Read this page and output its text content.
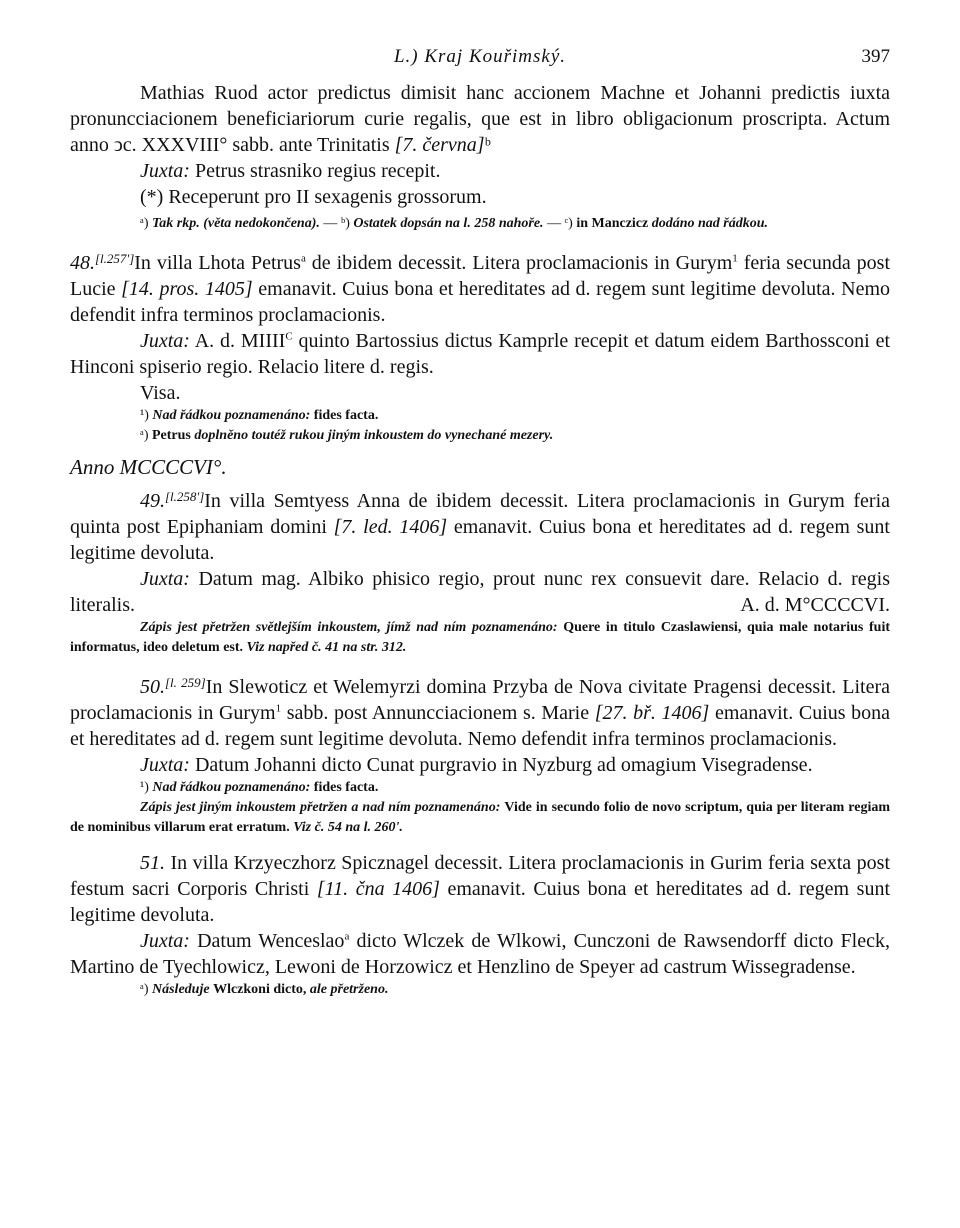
L.) Kraj Kouřimský.	397

Mathias Ruod actor predictus dimisit hanc accionem Machne et Johanni predictis iuxta pronuncciacionem beneficiariorum curie regalis, que est in libro obligacionum proscripta. Actum anno ͻc. XXXVIII° sabb. ante Trinitatis [7. června]ᵇ

Juxta: Petrus strasniko regius recepit.

(*) Receperunt pro II sexagenis grossorum.

ᵃ) Tak rkp. (věta nedokončena). — ᵇ) Ostatek dopsán na l. 258 nahoře. — ᶜ) in Manczicz dodáno nad řádkou.

48.[l.257']In villa Lhota Petrus$^a$ de ibidem decessit. Litera proclamacionis in Gurym$^1$ feria secunda post Lucie [14. pros. 1405] emanavit. Cuius bona et hereditates ad d. regem sunt legitime devoluta. Nemo defendit infra terminos proclamacionis.

Juxta: A. d. $MIIII^C$ quinto Bartossius dictus Kamprle recepit et datum eidem Barthossconi et Hinconi spiserio regio. Relacio litere d. regis.

Visa.

¹) Nad řádkou poznamenáno: fides facta.

ᵃ) Petrus doplněno toutéž rukou jiným inkoustem do vynechané mezery.

Anno MCCCCVI°.

49.[l.258']In villa Semtyess Anna de ibidem decessit. Litera proclamacionis in Gurym feria quinta post Epiphaniam domini [7. led. 1406] emanavit. Cuius bona et hereditates ad d. regem sunt legitime devoluta.

Juxta: Datum mag. Albiko phisico regio, prout nunc rex consuevit dare. Relacio d. regis literalis.	A. d. M°CCCCVI.

Zápis jest přetržen světlejším inkoustem, jímž nad ním poznamenáno: Quere in titulo Czaslawiensi, quia male notarius fuit informatus, ideo deletum est. Viz napřed č. 41 na str. 312.

50.[l. 259]In Slewoticz et Welemyrzi domina Przyba de Nova civitate Pragensi decessit. Litera proclamacionis in Gurym$^1$ sabb. post Annuncciacionem s. Marie [27. bř. 1406] emanavit. Cuius bona et hereditates ad d. regem sunt legitime devoluta. Nemo defendit infra terminos proclamacionis.

Juxta: Datum Johanni dicto Cunat purgravio in Nyzburg ad omagium Visegradense.

¹) Nad řádkou poznamenáno: fides facta.

Zápis jest jiným inkoustem přetržen a nad ním poznamenáno: Vide in secundo folio de novo scriptum, quia per literam regiam de nominibus villarum erat erratum. Viz č. 54 na l. 260'.

51. In villa Krzyeczhorz Spicznagel decessit. Litera proclamacionis in Gurim feria sexta post festum sacri Corporis Christi [11. čna 1406] emanavit. Cuius bona et hereditates ad d. regem sunt legitime devoluta.

Juxta: Datum Wenceslao$^a$ dicto Wlczek de Wlkowi, Cunczoni de Rawsendorff dicto Fleck, Martino de Tyechlowicz, Lewoni de Horzowicz et Henzlino de Speyer ad castrum Wissegradense.

ᵃ) Následuje Wlczkoni dicto, ale přetrženo.
